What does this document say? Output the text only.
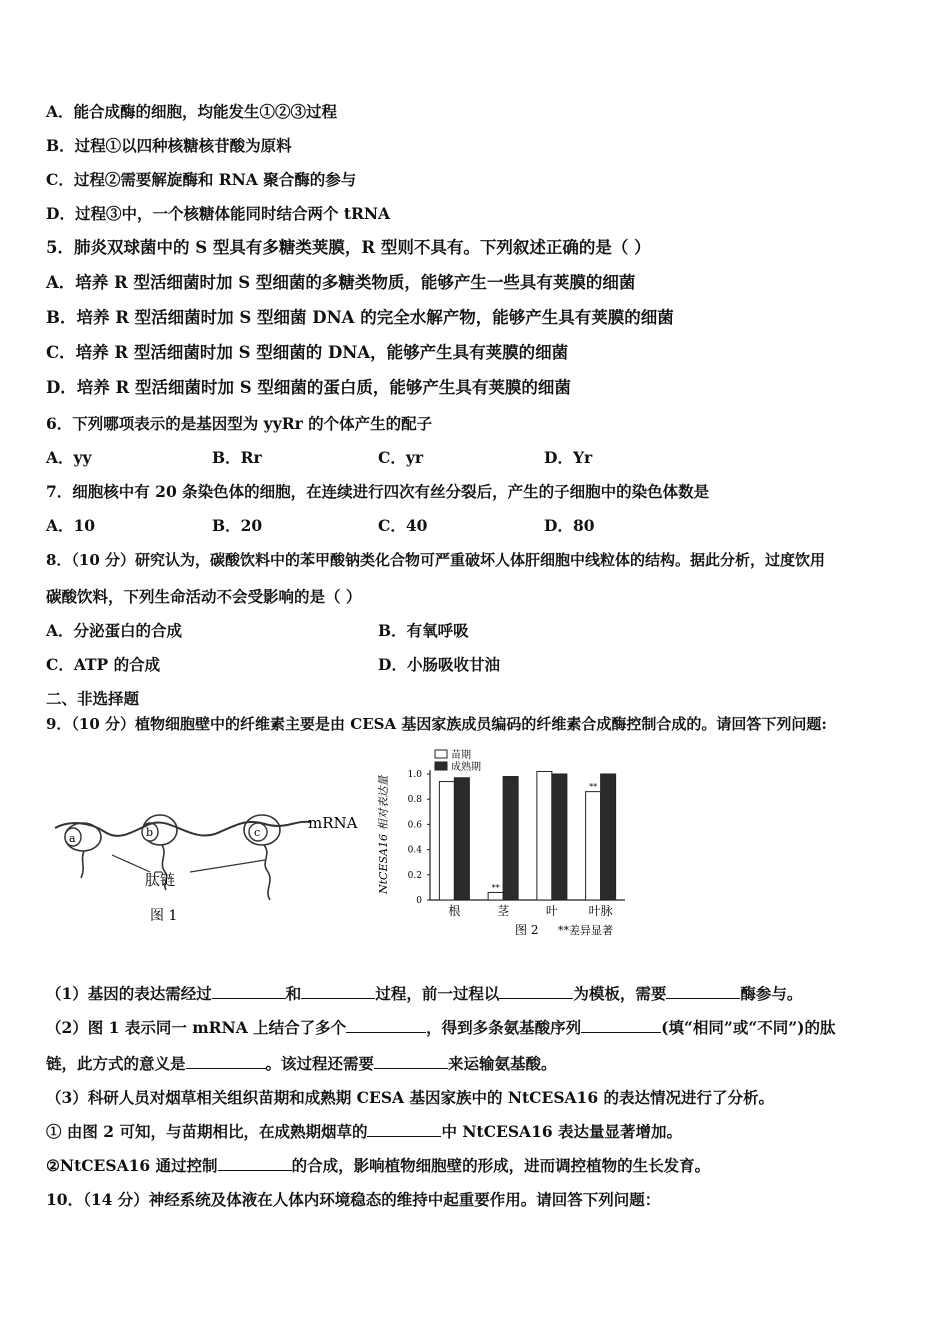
A．能合成酶的细胞，均能发生①②③过程
B．过程①以四种核糖核苷酸为原料
C．过程②需要解旋酶和 RNA 聚合酶的参与
D．过程③中，一个核糖体能同时结合两个 tRNA
5．肺炎双球菌中的 S 型具有多糖类荚膜，R 型则不具有。下列叙述正确的是（ ）
A．培养 R 型活细菌时加 S 型细菌的多糖类物质，能够产生一些具有荚膜的细菌
B．培养 R 型活细菌时加 S 型细菌 DNA 的完全水解产物，能够产生具有荚膜的细菌
C．培养 R 型活细菌时加 S 型细菌的 DNA，能够产生具有荚膜的细菌
D．培养 R 型活细菌时加 S 型细菌的蛋白质，能够产生具有荚膜的细菌
6．下列哪项表示的是基因型为 yyRr 的个体产生的配子
A．yy	B．Rr	C．yr	D．Yr
7．细胞核中有 20 条染色体的细胞，在连续进行四次有丝分裂后，产生的子细胞中的染色体数是
A．10	B．20	C．40	D．80
8．（10 分）研究认为，碳酸饮料中的苯甲酸钠类化合物可严重破坏人体肝细胞中线粒体的结构。据此分析，过度饮用
碳酸饮料，下列生命活动不会受影响的是（ ）
A．分泌蛋白的合成	B．有氧呼吸
C．ATP 的合成	D．小肠吸收甘油
二、非选择题
9．（10 分）植物细胞壁中的纤维素主要是由 CESA 基因家族成员编码的纤维素合成酶控制合成的。请回答下列问题:
a	b	c
mRNA
肽链
图 1
苗期
成熟期
NtCESA16 相对表达量
0
0.2
0.4
0.6
0.8
1.0
**
**
根	茎	叶	叶脉
图 2 **差异显著
（1）基因的表达需经过	和	过程，前一过程以	为模板，需要	酶参与。
（2）图 1 表示同一 mRNA 上结合了多个	，得到多条氨基酸序列	(填“相同”或“不同”)的肽
链，此方式的意义是	。该过程还需要	来运输氨基酸。
（3）科研人员对烟草相关组织苗期和成熟期 CESA 基因家族中的 NtCESA16 的表达情况进行了分析。
① 由图 2 可知，与苗期相比，在成熟期烟草的	中 NtCESA16 表达量显著增加。
②NtCESA16 通过控制	的合成，影响植物细胞壁的形成，进而调控植物的生长发育。
10．（14 分）神经系统及体液在人体内环境稳态的维持中起重要作用。请回答下列问题：
